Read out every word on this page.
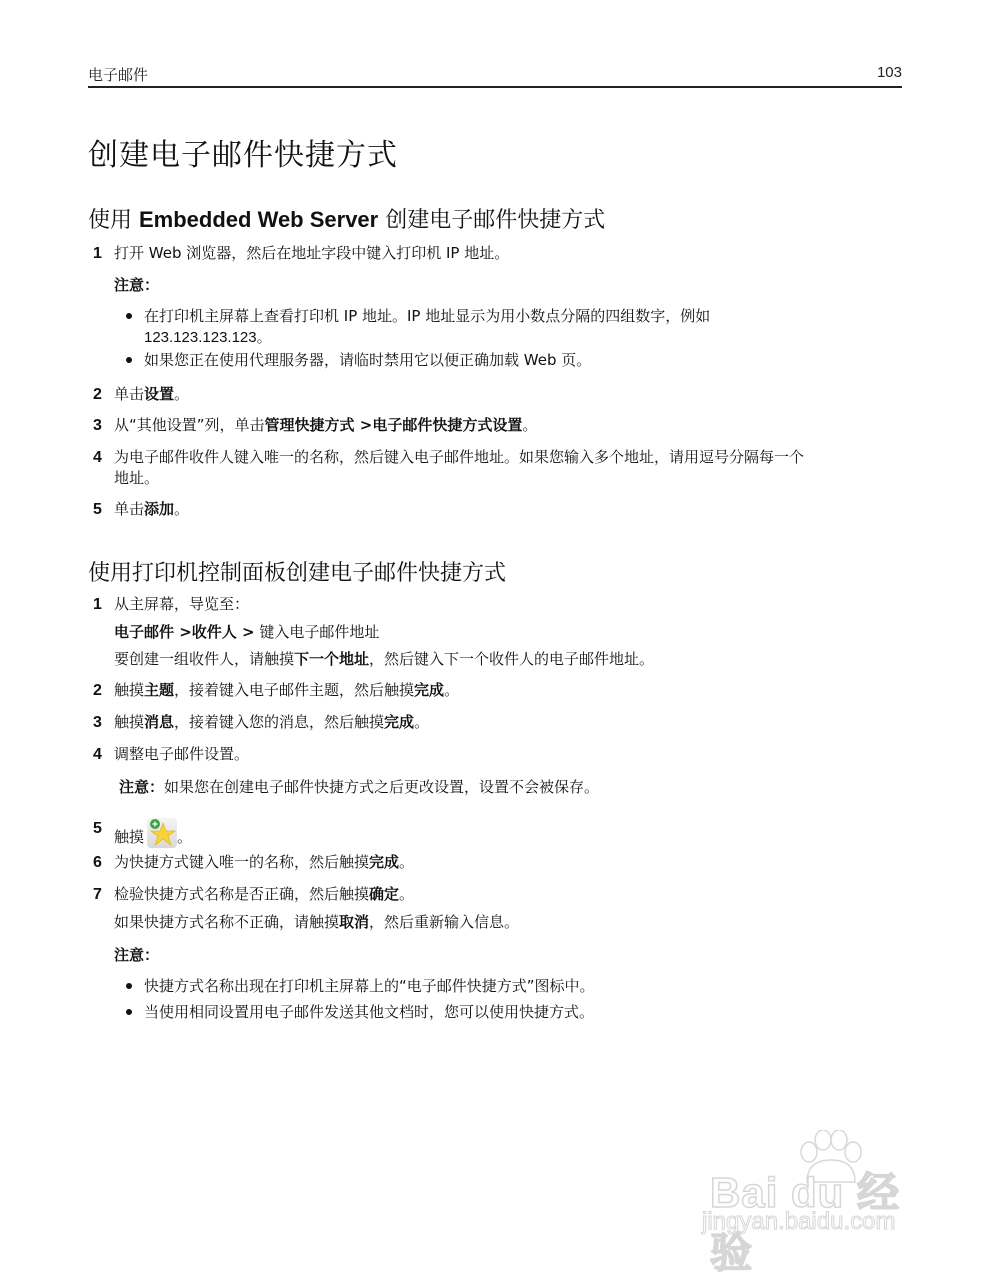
电子邮件	103
创建电子邮件快捷方式
使用 Embedded Web Server 创建电子邮件快捷方式
1 打开 Web 浏览器，然后在地址字段中键入打印机 IP 地址。
注意：
在打印机主屏幕上查看打印机 IP 地址。IP 地址显示为用小数点分隔的四组数字，例如
123.123.123.123。
如果您正在使用代理服务器，请临时禁用它以便正确加载 Web 页。
2 单击设置。
3 从“其他设置”列，单击管理快捷方式 >电子邮件快捷方式设置。
4 为电子邮件收件人键入唯一的名称，然后键入电子邮件地址。如果您输入多个地址，请用逗号分隔每一个
地址。
5 单击添加。
使用打印机控制面板创建电子邮件快捷方式
1 从主屏幕，导览至：
电子邮件 >收件人 > 键入电子邮件地址
要创建一组收件人，请触摸下一个地址，然后键入下一个收件人的电子邮件地址。
2 触摸主题，接着键入电子邮件主题，然后触摸完成。
3 触摸消息，接着键入您的消息，然后触摸完成。
4 调整电子邮件设置。
注意：如果您在创建电子邮件快捷方式之后更改设置，设置不会被保存。
5 触摸 。
6 为快捷方式键入唯一的名称，然后触摸完成。
7 检验快捷方式名称是否正确，然后触摸确定。
如果快捷方式名称不正确，请触摸取消，然后重新输入信息。
注意：
快捷方式名称出现在打印机主屏幕上的“电子邮件快捷方式”图标中。
当使用相同设置用电子邮件发送其他文档时，您可以使用快捷方式。
Bai du 经验
jingyan.baidu.com
